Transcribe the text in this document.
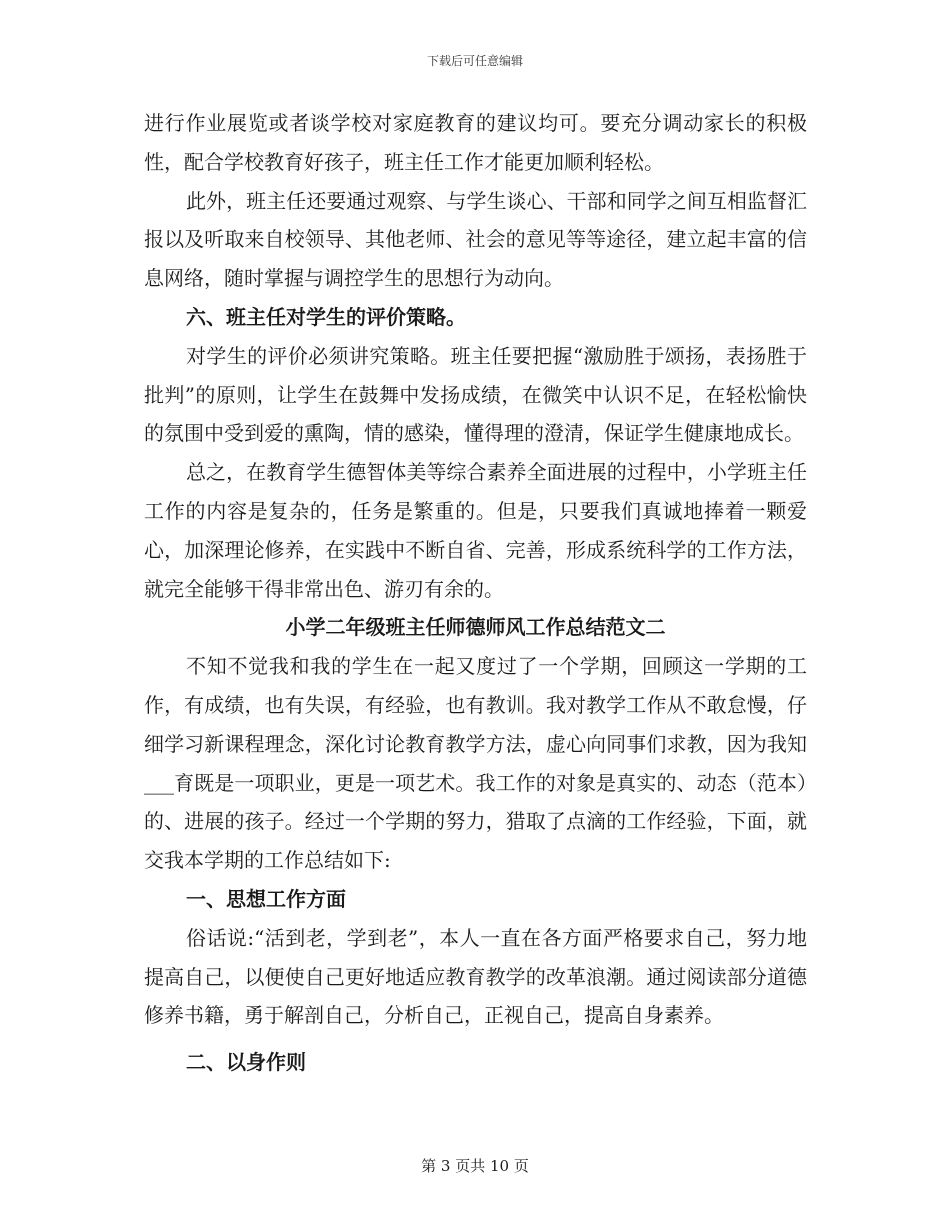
下载后可任意编辑

进行作业展览或者谈学校对家庭教育的建议均可。要充分调动家长的积极性，配合学校教育好孩子，班主任工作才能更加顺利轻松。

此外，班主任还要通过观察、与学生谈心、干部和同学之间互相监督汇报以及听取来自校领导、其他老师、社会的意见等等途径，建立起丰富的信息网络，随时掌握与调控学生的思想行为动向。

六、班主任对学生的评价策略。

对学生的评价必须讲究策略。班主任要把握“激励胜于颂扬，表扬胜于批判”的原则，让学生在鼓舞中发扬成绩，在微笑中认识不足，在轻松愉快的氛围中受到爱的熏陶，情的感染，懂得理的澄清，保证学生健康地成长。

总之，在教育学生德智体美等综合素养全面进展的过程中，小学班主任工作的内容是复杂的，任务是繁重的。但是，只要我们真诚地捧着一颗爱心，加深理论修养，在实践中不断自省、完善，形成系统科学的工作方法，就完全能够干得非常出色、游刃有余的。

小学二年级班主任师德师风工作总结范文二

不知不觉我和我的学生在一起又度过了一个学期，回顾这一学期的工作，有成绩，也有失误，有经验，也有教训。我对教学工作从不敢怠慢，仔细学习新课程理念，深化讨论教育教学方法，虚心向同事们求教，因为我知___育既是一项职业，更是一项艺术。我工作的对象是真实的、动态（范本）的、进展的孩子。经过一个学期的努力，猎取了点滴的工作经验，下面，就交我本学期的工作总结如下:

一、思想工作方面

俗话说:“活到老，学到老”，本人一直在各方面严格要求自己，努力地提高自己，以便使自己更好地适应教育教学的改革浪潮。通过阅读部分道德修养书籍，勇于解剖自己，分析自己，正视自己，提高自身素养。

二、以身作则

第 3 页共 10 页
